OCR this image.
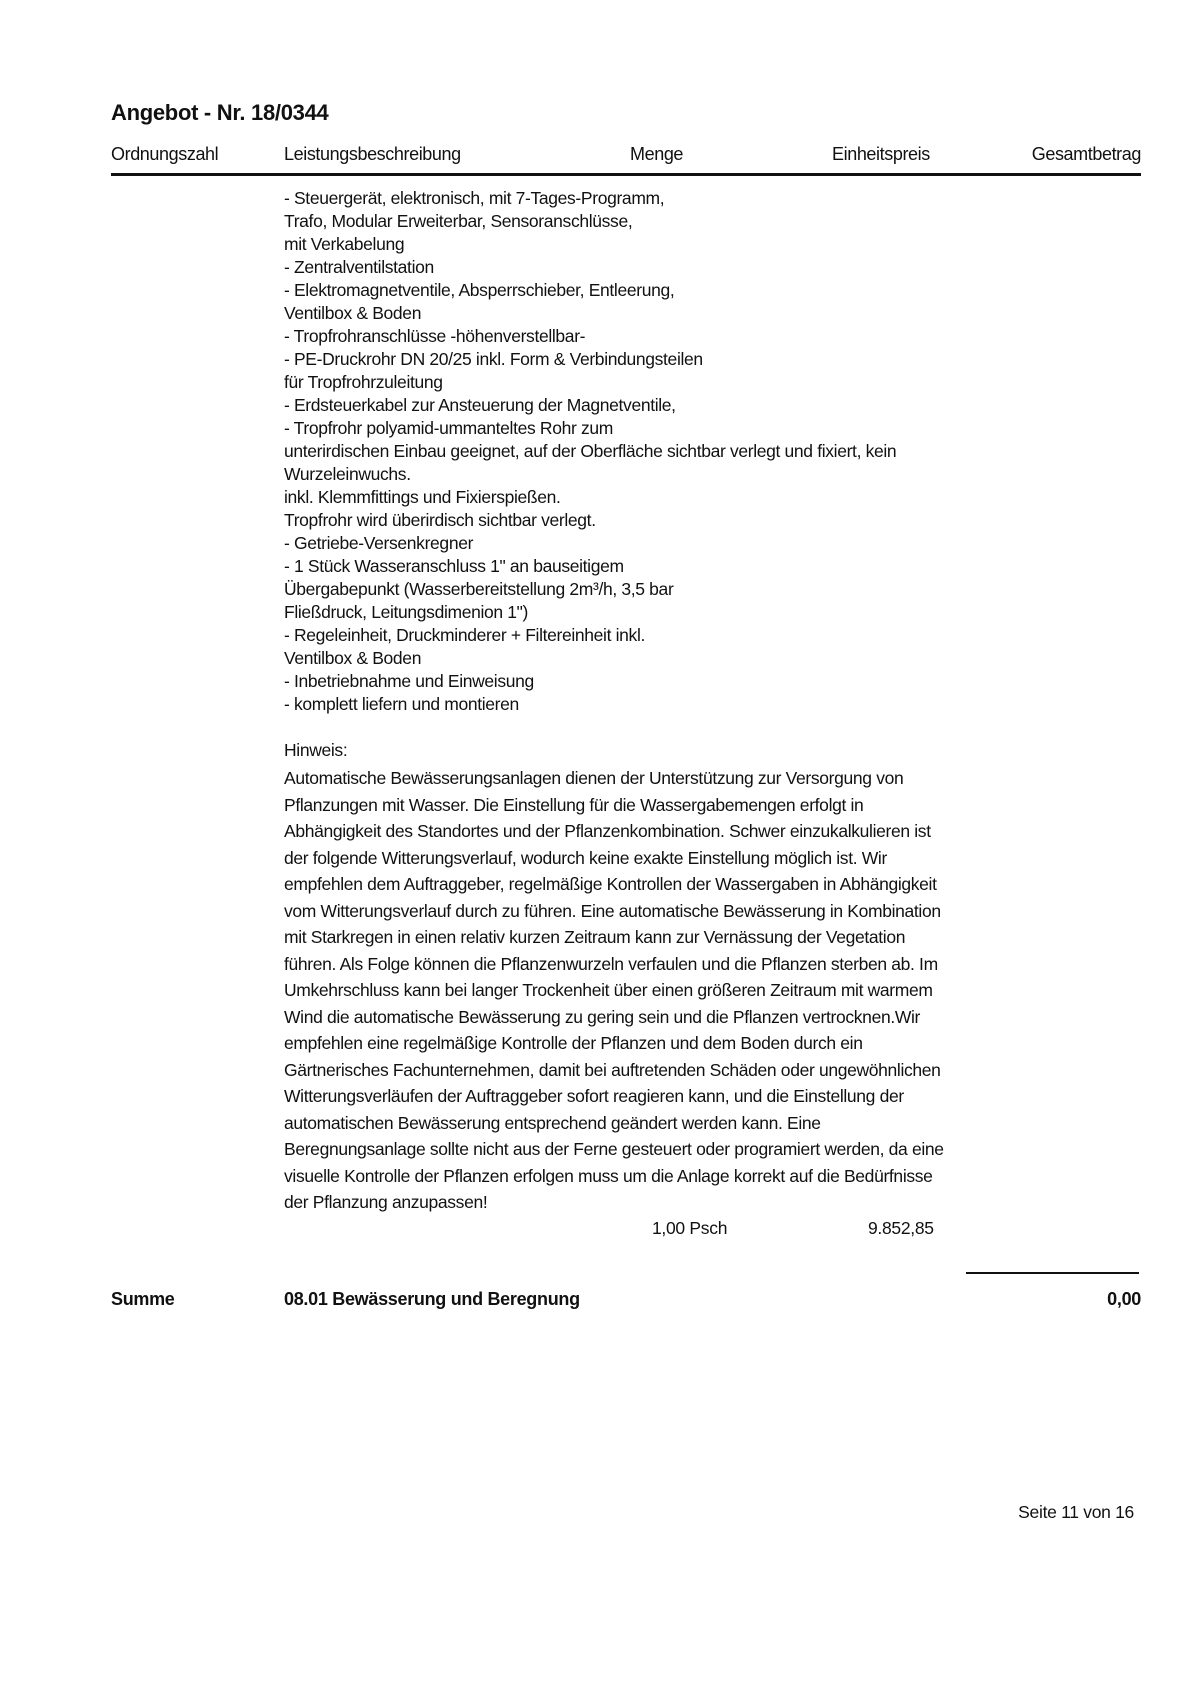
Angebot - Nr. 18/0344
Ordnungszahl	Leistungsbeschreibung	Menge	Einheitspreis	Gesamtbetrag
- Steuergerät, elektronisch, mit 7-Tages-Programm,
Trafo, Modular Erweiterbar, Sensoranschlüsse,
mit Verkabelung
- Zentralventilstation
- Elektromagnetventile, Absperrschieber, Entleerung,
Ventilbox & Boden
- Tropfrohranschlüsse -höhenverstellbar-
- PE-Druckrohr DN 20/25 inkl. Form & Verbindungsteilen
für Tropfrohrzuleitung
- Erdsteuerkabel zur Ansteuerung der Magnetventile,
- Tropfrohr polyamid-ummanteltes Rohr zum
unterirdischen Einbau geeignet, auf der Oberfläche sichtbar verlegt und fixiert, kein
Wurzeleinwuchs.
inkl. Klemmfittings und Fixierspießen.
Tropfrohr wird überirdisch sichtbar verlegt.
- Getriebe-Versenkregner
- 1 Stück Wasseranschluss 1" an bauseitigem
Übergabepunkt (Wasserbereitstellung 2m³/h, 3,5 bar
Fließdruck, Leitungsdimenion 1")
- Regeleinheit, Druckminderer + Filtereinheit inkl.
Ventilbox & Boden
- Inbetriebnahme und Einweisung
- komplett liefern und montieren
Hinweis:
Automatische Bewässerungsanlagen dienen der Unterstützung zur Versorgung von
Pflanzungen mit Wasser. Die Einstellung für die Wassergabemengen erfolgt in
Abhängigkeit des Standortes und der Pflanzenkombination. Schwer einzukalkulieren ist
der folgende Witterungsverlauf, wodurch keine exakte Einstellung möglich ist. Wir
empfehlen dem Auftraggeber, regelmäßige Kontrollen der Wassergaben in Abhängigkeit
vom Witterungsverlauf durch zu führen. Eine automatische Bewässerung in Kombination
mit Starkregen in einen relativ kurzen Zeitraum kann zur Vernässung der Vegetation
führen. Als Folge können die Pflanzenwurzeln verfaulen und die Pflanzen sterben ab. Im
Umkehrschluss kann bei langer Trockenheit über einen größeren Zeitraum mit warmem
Wind die automatische Bewässerung zu gering sein und die Pflanzen vertrocknen.Wir
empfehlen eine regelmäßige Kontrolle der Pflanzen und dem Boden durch ein
Gärtnerisches Fachunternehmen, damit bei auftretenden Schäden oder ungewöhnlichen
Witterungsverläufen der Auftraggeber sofort reagieren kann, und die Einstellung der
automatischen Bewässerung entsprechend geändert werden kann. Eine
Beregnungsanlage sollte nicht aus der Ferne gesteuert oder programiert werden, da eine
visuelle Kontrolle der Pflanzen erfolgen muss um die Anlage korrekt auf die Bedürfnisse
der Pflanzung anzupassen!
1,00 Psch	9.852,85
Summe	08.01 Bewässerung und Beregnung	0,00
Seite 11 von 16
